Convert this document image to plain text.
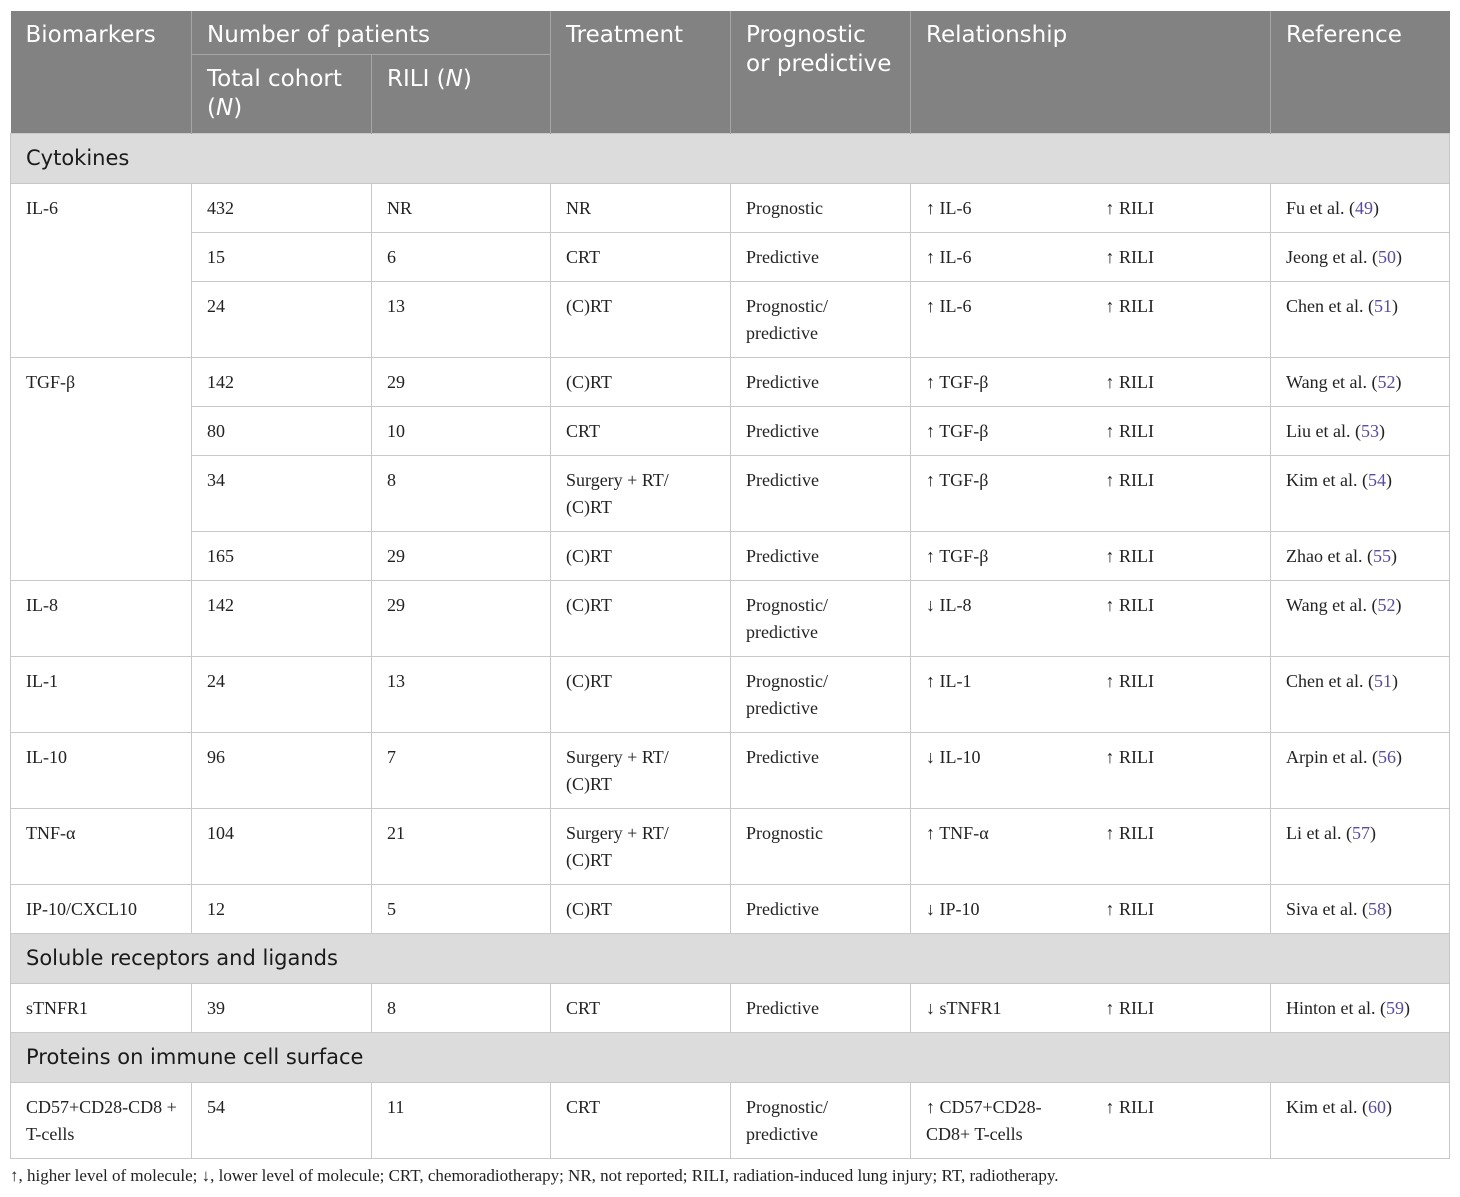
Biomarkers	Number of patients		Treatment	Prognostic or predictive	Relationship		Reference
	Total cohort (N)	RILI (N)					
Cytokines							
IL-6	432	NR	NR	Prognostic	↑ IL-6	↑ RILI	Fu et al. (49)
	15	6	CRT	Predictive	↑ IL-6	↑ RILI	Jeong et al. (50)
	24	13	(C)RT	Prognostic/ predictive	↑ IL-6	↑ RILI	Chen et al. (51)
TGF-β	142	29	(C)RT	Predictive	↑ TGF-β	↑ RILI	Wang et al. (52)
	80	10	CRT	Predictive	↑ TGF-β	↑ RILI	Liu et al. (53)
	34	8	Surgery + RT/ (C)RT	Predictive	↑ TGF-β	↑ RILI	Kim et al. (54)
	165	29	(C)RT	Predictive	↑ TGF-β	↑ RILI	Zhao et al. (55)
IL-8	142	29	(C)RT	Prognostic/ predictive	↓ IL-8	↑ RILI	Wang et al. (52)
IL-1	24	13	(C)RT	Prognostic/ predictive	↑ IL-1	↑ RILI	Chen et al. (51)
IL-10	96	7	Surgery + RT/ (C)RT	Predictive	↓ IL-10	↑ RILI	Arpin et al. (56)
TNF-α	104	21	Surgery + RT/ (C)RT	Prognostic	↑ TNF-α	↑ RILI	Li et al. (57)
IP-10/CXCL10	12	5	(C)RT	Predictive	↓ IP-10	↑ RILI	Siva et al. (58)
Soluble receptors and ligands							
sTNFR1	39	8	CRT	Predictive	↓ sTNFR1	↑ RILI	Hinton et al. (59)
Proteins on immune cell surface							
CD57+CD28-CD8 + T-cells	54	11	CRT	Prognostic/ predictive	↑ CD57+CD28-CD8+ T-cells	↑ RILI	Kim et al. (60)
↑, higher level of molecule; ↓, lower level of molecule; CRT, chemoradiotherapy; NR, not reported; RILI, radiation-induced lung injury; RT, radiotherapy.
